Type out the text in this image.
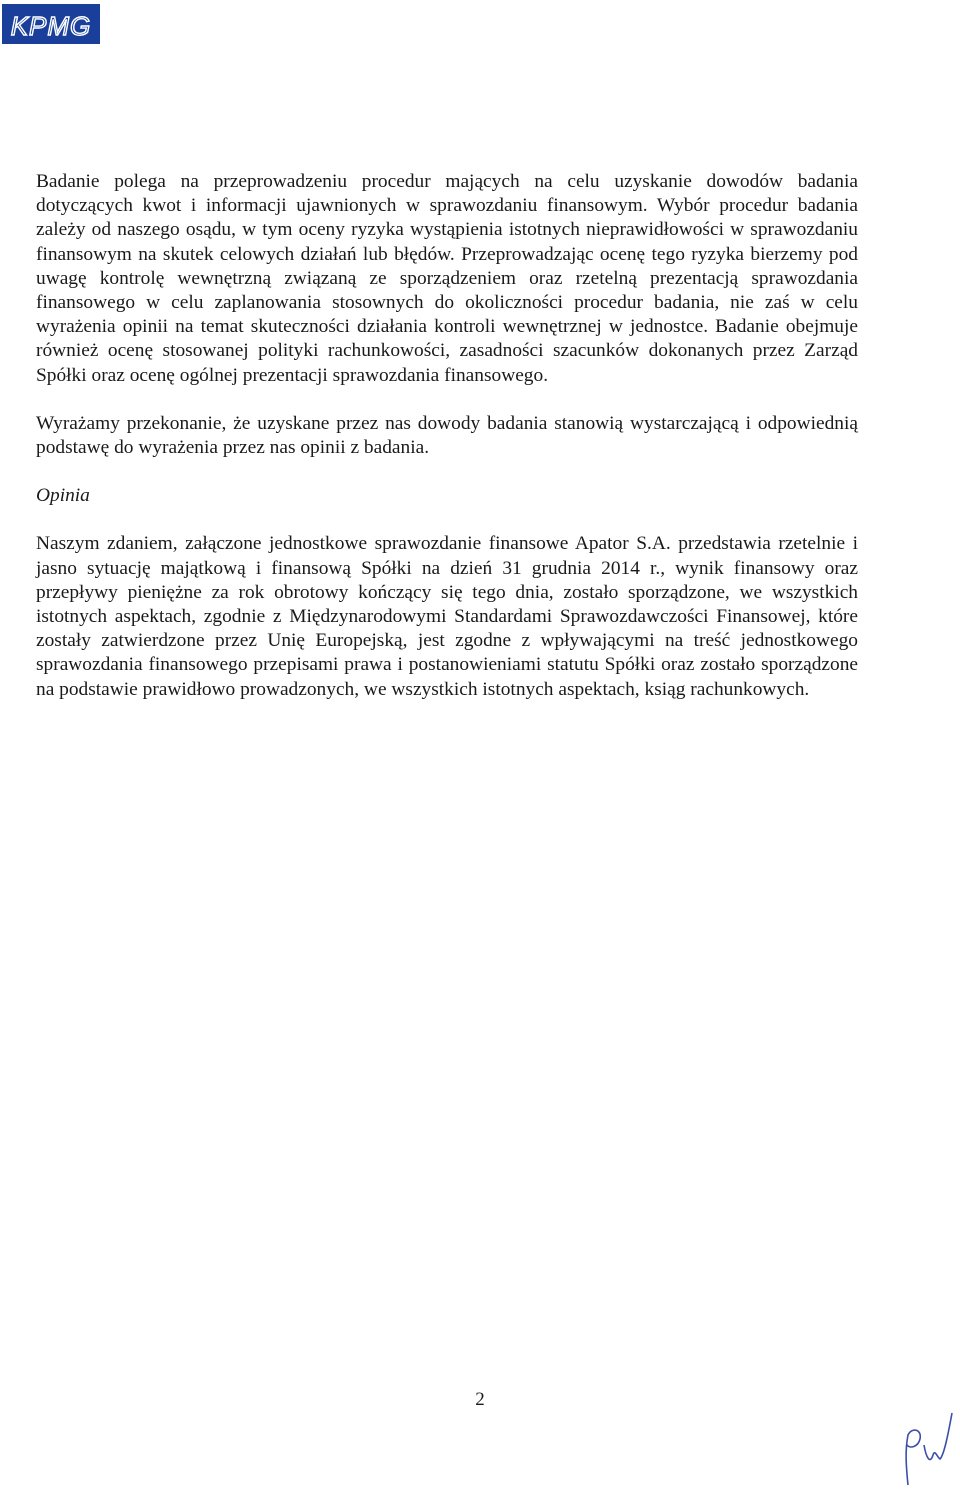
KPMG

Badanie polega na przeprowadzeniu procedur mających na celu uzyskanie dowodów badania dotyczących kwot i informacji ujawnionych w sprawozdaniu finansowym. Wybór procedur badania zależy od naszego osądu, w tym oceny ryzyka wystąpienia istotnych nieprawidłowości w sprawozdaniu finansowym na skutek celowych działań lub błędów. Przeprowadzając ocenę tego ryzyka bierzemy pod uwagę kontrolę wewnętrzną związaną ze sporządzeniem oraz rzetelną prezentacją sprawozdania finansowego w celu zaplanowania stosownych do okoliczności procedur badania, nie zaś w celu wyrażenia opinii na temat skuteczności działania kontroli wewnętrznej w jednostce. Badanie obejmuje również ocenę stosowanej polityki rachunkowości, zasadności szacunków dokonanych przez Zarząd Spółki oraz ocenę ogólnej prezentacji sprawozdania finansowego.

Wyrażamy przekonanie, że uzyskane przez nas dowody badania stanowią wystarczającą i odpowiednią podstawę do wyrażenia przez nas opinii z badania.

Opinia

Naszym zdaniem, załączone jednostkowe sprawozdanie finansowe Apator S.A. przedstawia rzetelnie i jasno sytuację majątkową i finansową Spółki na dzień 31 grudnia 2014 r., wynik finansowy oraz przepływy pieniężne za rok obrotowy kończący się tego dnia, zostało sporządzone, we wszystkich istotnych aspektach, zgodnie z Międzynarodowymi Standardami Sprawozdawczości Finansowej, które zostały zatwierdzone przez Unię Europejską, jest zgodne z wpływającymi na treść jednostkowego sprawozdania finansowego przepisami prawa i postanowieniami statutu Spółki oraz zostało sporządzone na podstawie prawidłowo prowadzonych, we wszystkich istotnych aspektach, ksiąg rachunkowych.

2
